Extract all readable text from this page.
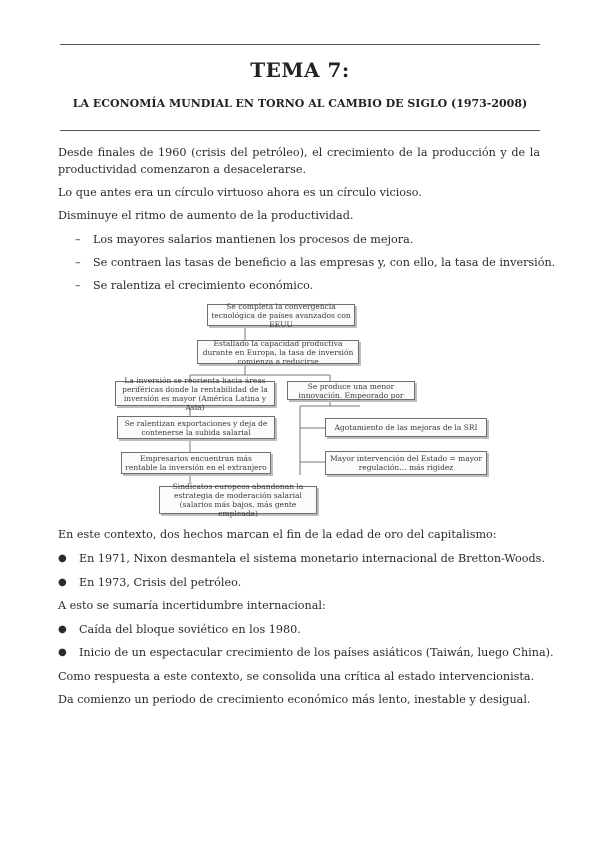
TEMA 7:
LA ECONOMÍA MUNDIAL EN TORNO AL CAMBIO DE SIGLO (1973-2008)
Desde finales de 1960 (crisis del petróleo), el crecimiento de la producción y de la productividad comenzaron a desacelerarse.
Lo que antes era un círculo virtuoso ahora es un círculo vicioso.
Disminuye el ritmo de aumento de la productividad.
– Los mayores salarios mantienen los procesos de mejora.
– Se contraen las tasas de beneficio a las empresas y, con ello, la tasa de inversión.
– Se ralentiza el crecimiento económico.
Se completa la convergencia tecnológica de países avanzados con EEUU
Estallado la capacidad productiva durante en Europa, la tasa de inversión comienza a reducirse
La inversión se reorienta hacia áreas periféricas donde la rentabilidad de la inversión es mayor (América Latina y Asia)
Se produce una menor innovación. Empeorado por
Se ralentizan exportaciones y deja de contenerse la subida salarial	Agotamiento de las mejoras de la SRI
Empresarios encuentran más rentable la inversión en el extranjero
Mayor intervención del Estado = mayor regulación… más rigidez
Sindicatos europeos abandonan la estrategia de moderación salarial (salarios más bajos, más gente empleada)
En este contexto, dos hechos marcan el fin de la edad de oro del capitalismo:
● En 1971, Nixon desmantela el sistema monetario internacional de Bretton-Woods.
● En 1973, Crisis del petróleo.
A esto se sumaría incertidumbre internacional:
● Caída del bloque soviético en los 1980.
● Inicio de un espectacular crecimiento de los países asiáticos (Taiwán, luego China).
Como respuesta a este contexto, se consolida una crítica al estado intervencionista.
Da comienzo un periodo de crecimiento económico más lento, inestable y desigual.
